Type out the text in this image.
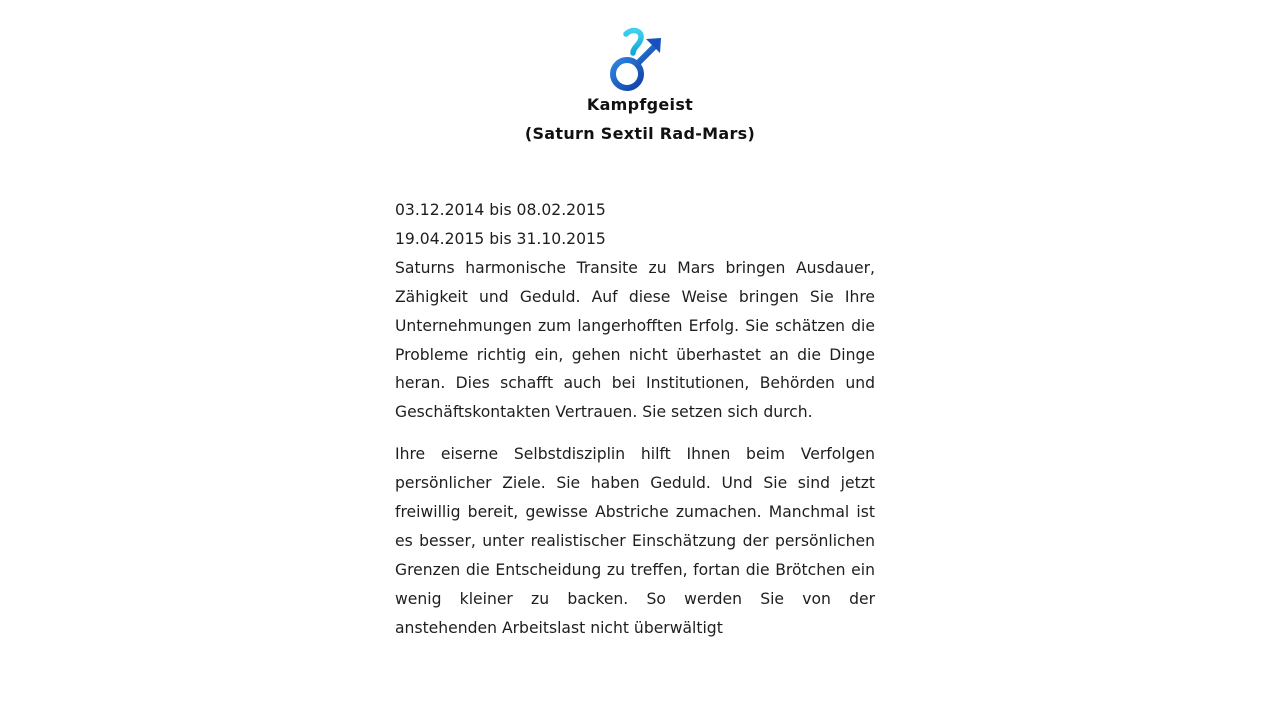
Kampfgeist
(Saturn Sextil Rad-Mars)
03.12.2014 bis 08.02.2015
19.04.2015 bis 31.10.2015

Saturns harmonische Transite zu Mars bringen Ausdauer, Zähigkeit und Geduld. Auf diese Weise bringen Sie Ihre Unternehmungen zum langerhofften Erfolg. Sie schätzen die Probleme richtig ein, gehen nicht überhastet an die Dinge heran. Dies schafft auch bei Institutionen, Behörden und Geschäftskontakten Vertrauen. Sie setzen sich durch.

Ihre eiserne Selbstdisziplin hilft Ihnen beim Verfolgen persönlicher Ziele. Sie haben Geduld. Und Sie sind jetzt freiwillig bereit, gewisse Abstriche zumachen. Manchmal ist es besser, unter realistischer Einschätzung der persönlichen Grenzen die Entscheidung zu treffen, fortan die Brötchen ein wenig kleiner zu backen. So werden Sie von der anstehenden Arbeitslast nicht überwältigt
